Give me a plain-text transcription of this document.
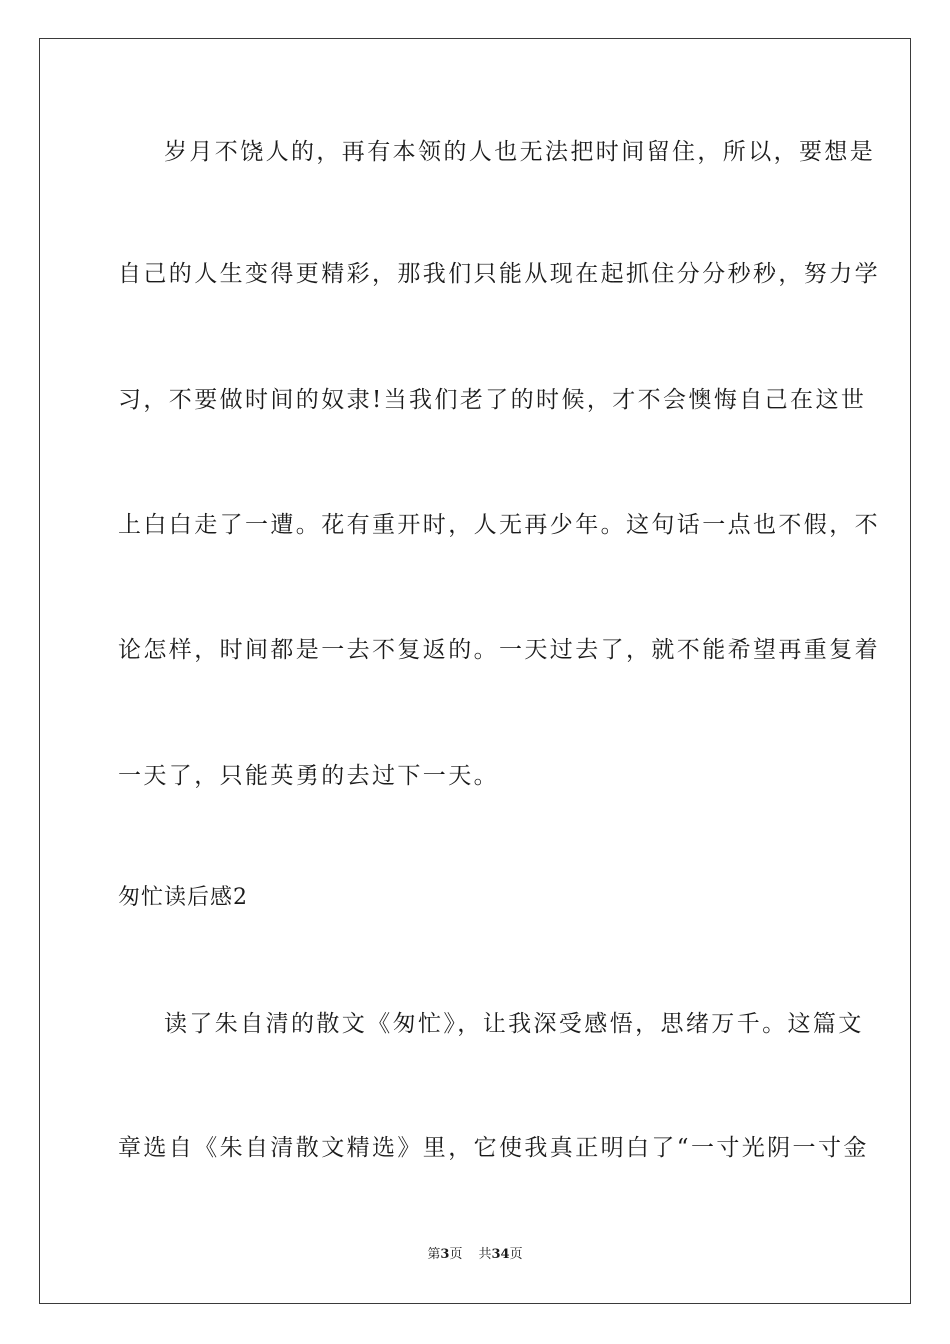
岁月不饶人的，再有本领的人也无法把时间留住，所以，要想是
自己的人生变得更精彩，那我们只能从现在起抓住分分秒秒，努力学
习，不要做时间的奴隶!当我们老了的时候，才不会懊悔自己在这世
上白白走了一遭。花有重开时，人无再少年。这句话一点也不假，不
论怎样，时间都是一去不复返的。一天过去了，就不能希望再重复着
一天了，只能英勇的去过下一天。
匆忙读后感2
读了朱自清的散文《匆忙》，让我深受感悟，思绪万千。这篇文
章选自《朱自清散文精选》里，它使我真正明白了“一寸光阴一寸金
第3页 共34页
